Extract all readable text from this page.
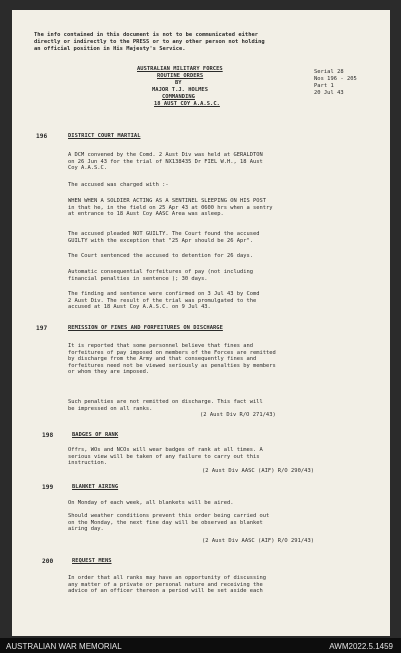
The info contained in this document is not to be communicated either
directly or indirectly to the PRESS or to any other person not holding
an official position in His Majesty's Service.
AUSTRALIAN MILITARY FORCES
ROUTINE ORDERS
BY
MAJOR T.J. HOLMES
COMMANDING
18 AUST COY A.A.S.C.
Serial 28
Nos 196 - 205
Part 1
20 Jul 43
196	DISTRICT COURT MARTIAL
A DCM convened by the Comd. 2 Aust Div was held at GERALDTON
on 26 Jun 43 for the trial of NX138435 Dr FIEL W.H., 18 Aust
Coy A.A.S.C.
The accused was charged with :-
WHEN WHEN A SOLDIER ACTING AS A SENTINEL SLEEPING ON HIS POST
in that he, in the field on 25 Apr 43 at 0600 hrs when a sentry
at entrance to 18 Aust Coy AASC Area was asleep.
The accused pleaded NOT GUILTY. The Court found the accused
GUILTY with the exception that "25 Apr should be 26 Apr".
The Court sentenced the accused to detention for 26 days.
Automatic consequential forfeitures of pay (not including
financial penalties in sentence ); 30 days.
The finding and sentence were confirmed on 3 Jul 43 by Comd
2 Aust Div. The result of the trial was promulgated to the
accused at 18 Aust Coy A.A.S.C. on 9 Jul 43.
197	REMISSION OF FINES AND FORFEITURES ON DISCHARGE
It is reported that some personnel believe that fines and
forfeitures of pay imposed on members of the Forces are remitted
by discharge from the Army and that consequently fines and
forfeitures need not be viewed seriously as penalties by members
or whom they are imposed.
Such penalties are not remitted on discharge. This fact will
be impressed on all ranks.
(2 Aust Div R/O 271/43)
198	BADGES OF RANK
Offrs, WOs and NCOs will wear badges of rank at all times. A
serious view will be taken of any failure to carry out this
instruction.
(2 Aust Div AASC (AIF) R/O 290/43)
199	BLANKET AIRING
On Monday of each week, all blankets will be aired.
Should weather conditions prevent this order being carried out
on the Monday, the next fine day will be observed as blanket
airing day.
(2 Aust Div AASC (AIF) R/O 291/43)
200	REQUEST MENS
In order that all ranks may have an opportunity of discussing
any matter of a private or personal nature and receiving the
advice of an officer thereon a period will be set aside each
AUSTRALIAN WAR MEMORIAL	AWM2022.5.1459
